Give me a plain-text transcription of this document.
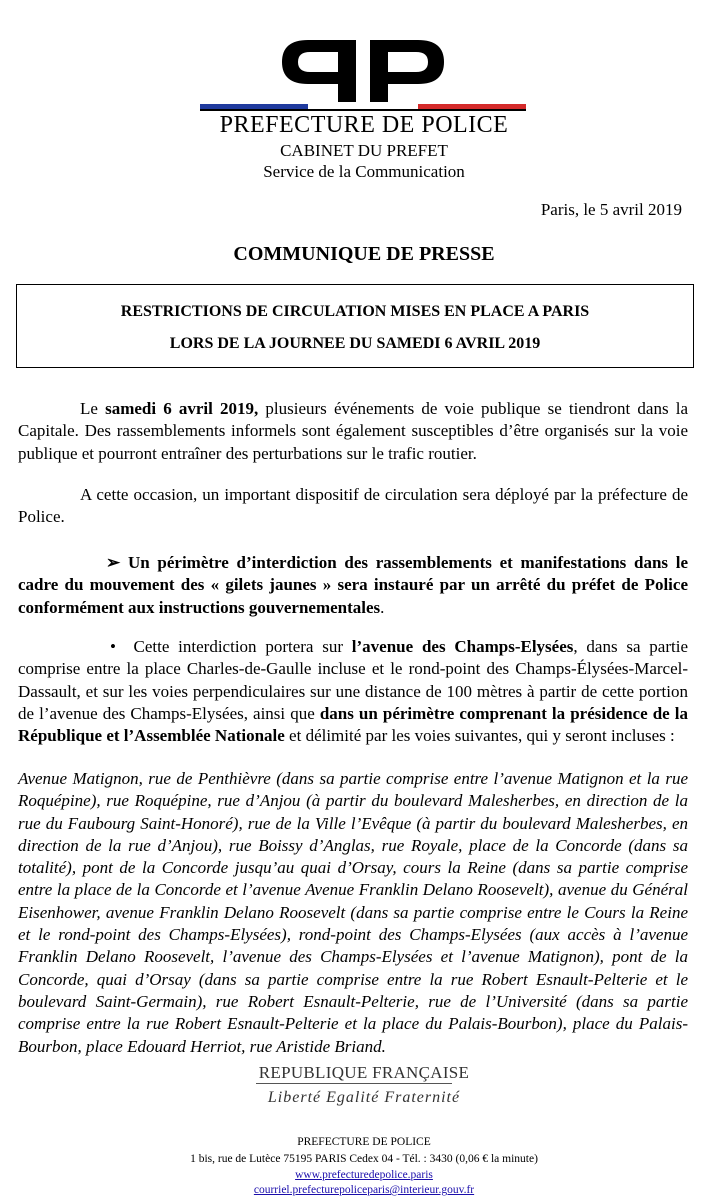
PREFECTURE DE POLICE
CABINET DU PREFET
Service de la Communication
Paris, le 5 avril 2019
COMMUNIQUE DE PRESSE
RESTRICTIONS DE CIRCULATION MISES EN PLACE A PARIS
LORS DE LA JOURNEE DU SAMEDI 6 AVRIL 2019
Le samedi 6 avril 2019, plusieurs événements de voie publique se tiendront dans la Capitale. Des rassemblements informels sont également susceptibles d’être organisés sur la voie publique et pourront entraîner des perturbations sur le trafic routier.
A cette occasion, un important dispositif de circulation sera déployé par la préfecture de Police.
➢ Un périmètre d’interdiction des rassemblements et manifestations dans le cadre du mouvement des « gilets jaunes » sera instauré par un arrêté du préfet de Police conformément aux instructions gouvernementales.
• Cette interdiction portera sur l’avenue des Champs-Elysées, dans sa partie comprise entre la place Charles-de-Gaulle incluse et le rond-point des Champs-Élysées-Marcel-Dassault, et sur les voies perpendiculaires sur une distance de 100 mètres à partir de cette portion de l’avenue des Champs-Elysées, ainsi que dans un périmètre comprenant la présidence de la République et l’Assemblée Nationale et délimité par les voies suivantes, qui y seront incluses :
Avenue Matignon, rue de Penthièvre (dans sa partie comprise entre l’avenue Matignon et la rue Roquépine), rue Roquépine, rue d’Anjou (à partir du boulevard Malesherbes, en direction de la rue du Faubourg Saint-Honoré), rue de la Ville l’Evêque (à partir du boulevard Malesherbes, en direction de la rue d’Anjou), rue Boissy d’Anglas, rue Royale, place de la Concorde (dans sa totalité), pont de la Concorde jusqu’au quai d’Orsay, cours la Reine (dans sa partie comprise entre la place de la Concorde et l’avenue Avenue Franklin Delano Roosevelt), avenue du Général Eisenhower, avenue Franklin Delano Roosevelt (dans sa partie comprise entre le Cours la Reine et le rond-point des Champs-Elysées), rond-point des Champs-Elysées (aux accès à l’avenue Franklin Delano Roosevelt, l’avenue des Champs-Elysées et l’avenue Matignon), pont de la Concorde, quai d’Orsay (dans sa partie comprise entre la rue Robert Esnault-Pelterie et le boulevard Saint-Germain), rue Robert Esnault-Pelterie, rue de l’Université (dans sa partie comprise entre la rue Robert Esnault-Pelterie et la place du Palais-Bourbon), place du Palais-Bourbon, place Edouard Herriot, rue Aristide Briand.
REPUBLIQUE FRANÇAISE
Liberté Egalité Fraternité
PREFECTURE DE POLICE
1 bis, rue de Lutèce 75195 PARIS Cedex 04 - Tél. : 3430 (0,06 € la minute)
www.prefecturedepolice.paris
courriel.prefecturepoliceparis@interieur.gouv.fr
